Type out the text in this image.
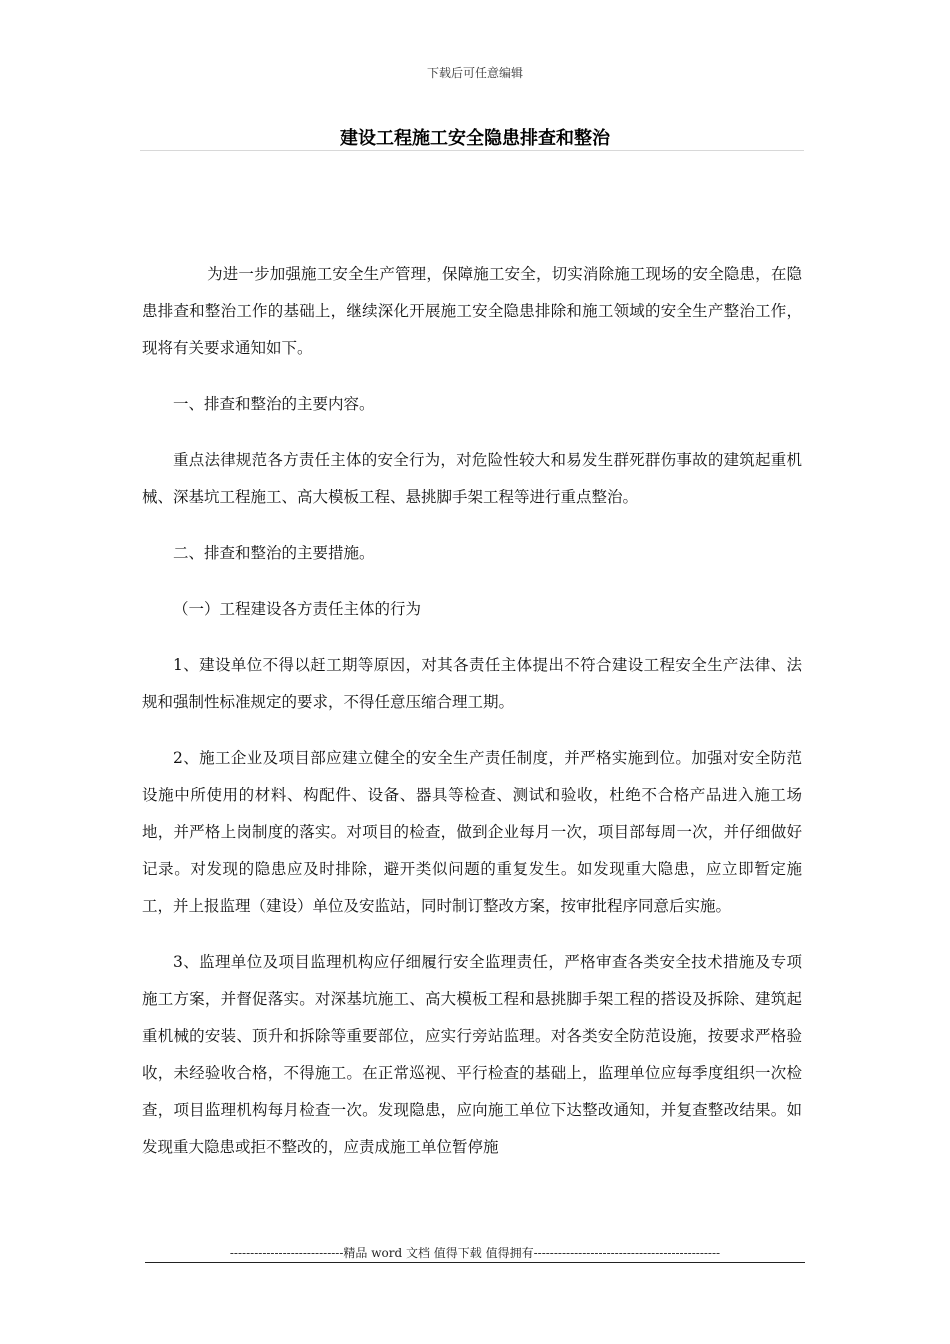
下载后可任意编辑
建设工程施工安全隐患排查和整治

为进一步加强施工安全生产管理，保障施工安全，切实消除施工现场的安全隐患，在隐患排查和整治工作的基础上，继续深化开展施工安全隐患排除和施工领域的安全生产整治工作，现将有关要求通知如下。

一、排查和整治的主要内容。

重点法律规范各方责任主体的安全行为，对危险性较大和易发生群死群伤事故的建筑起重机械、深基坑工程施工、高大模板工程、悬挑脚手架工程等进行重点整治。

二、排查和整治的主要措施。

（一）工程建设各方责任主体的行为

1、建设单位不得以赶工期等原因，对其各责任主体提出不符合建设工程安全生产法律、法规和强制性标准规定的要求，不得任意压缩合理工期。

2、施工企业及项目部应建立健全的安全生产责任制度，并严格实施到位。加强对安全防范设施中所使用的材料、构配件、设备、器具等检查、测试和验收，杜绝不合格产品进入施工场地，并严格上岗制度的落实。对项目的检查，做到企业每月一次，项目部每周一次，并仔细做好记录。对发现的隐患应及时排除，避开类似问题的重复发生。如发现重大隐患，应立即暂定施工，并上报监理（建设）单位及安监站，同时制订整改方案，按审批程序同意后实施。

3、监理单位及项目监理机构应仔细履行安全监理责任，严格审查各类安全技术措施及专项施工方案，并督促落实。对深基坑施工、高大模板工程和悬挑脚手架工程的搭设及拆除、建筑起重机械的安装、顶升和拆除等重要部位，应实行旁站监理。对各类安全防范设施，按要求严格验收，未经验收合格，不得施工。在正常巡视、平行检查的基础上，监理单位应每季度组织一次检查，项目监理机构每月检查一次。发现隐患，应向施工单位下达整改通知，并复查整改结果。如发现重大隐患或拒不整改的，应责成施工单位暂停施

----------------------------精品 word 文档 值得下载 值得拥有----------------------------------------------
